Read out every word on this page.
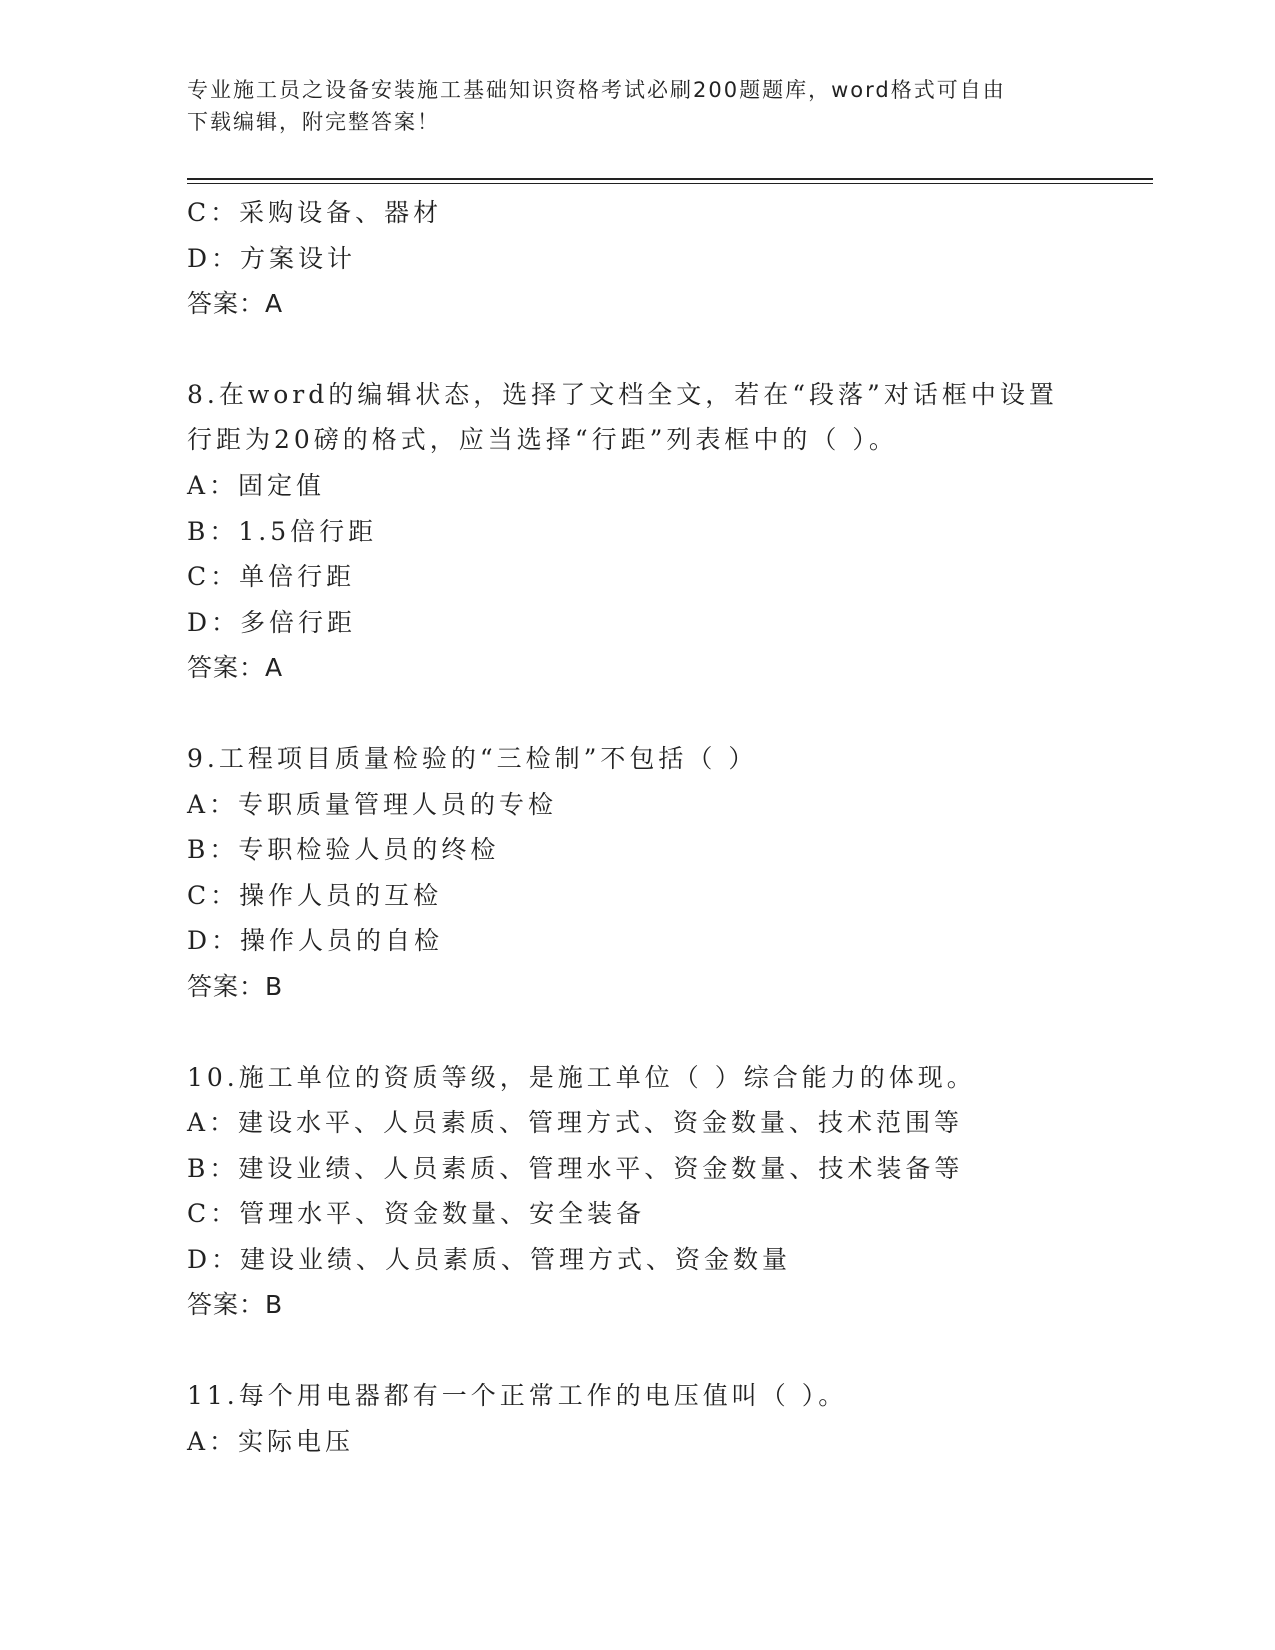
专业施工员之设备安装施工基础知识资格考试必刷200题题库，word格式可自由
下载编辑，附完整答案！
C：采购设备、器材
D：方案设计
答案：A
8.在word的编辑状态，选择了文档全文，若在“段落”对话框中设置
行距为20磅的格式，应当选择“行距”列表框中的（ ）。
A：固定值
B：1.5倍行距
C：单倍行距
D：多倍行距
答案：A
9.工程项目质量检验的“三检制”不包括（ ）
A：专职质量管理人员的专检
B：专职检验人员的终检
C：操作人员的互检
D：操作人员的自检
答案：B
10.施工单位的资质等级，是施工单位（ ）综合能力的体现。
A：建设水平、人员素质、管理方式、资金数量、技术范围等
B：建设业绩、人员素质、管理水平、资金数量、技术装备等
C：管理水平、资金数量、安全装备
D：建设业绩、人员素质、管理方式、资金数量
答案：B
11.每个用电器都有一个正常工作的电压值叫（ ）。
A：实际电压
